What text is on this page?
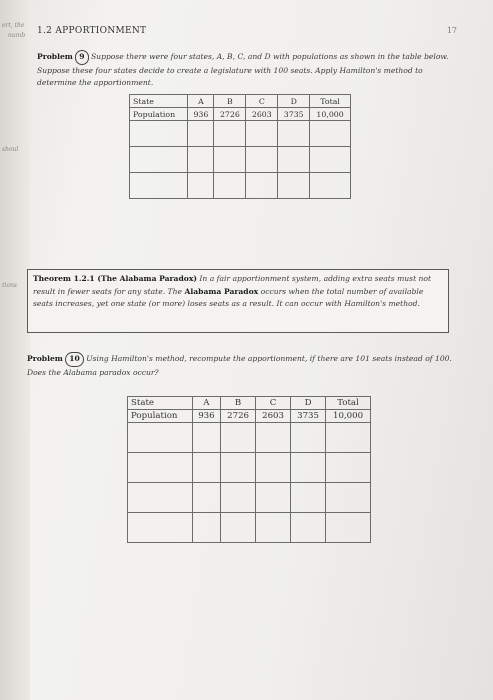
ert, the
numb
shoul
tions
1.2 APPORTIONMENT	17
Problem 9 Suppose there were four states, A, B, C, and D with populations as shown in the table below. Suppose these four states decide to create a legislature with 100 seats. Apply Hamilton's method to determine the apportionment.
State	A	B	C	D	Total
Population	936	2726	2603	3735	10,000

Theorem 1.2.1 (The Alabama Paradox) In a fair apportionment system, adding extra seats must not result in fewer seats for any state. The Alabama Paradox occurs when the total number of available seats increases, yet one state (or more) loses seats as a result. It can occur with Hamilton's method.
Problem 10 Using Hamilton's method, recompute the apportionment, if there are 101 seats instead of 100. Does the Alabama paradox occur?
State	A	B	C	D	Total
Population	936	2726	2603	3735	10,000
